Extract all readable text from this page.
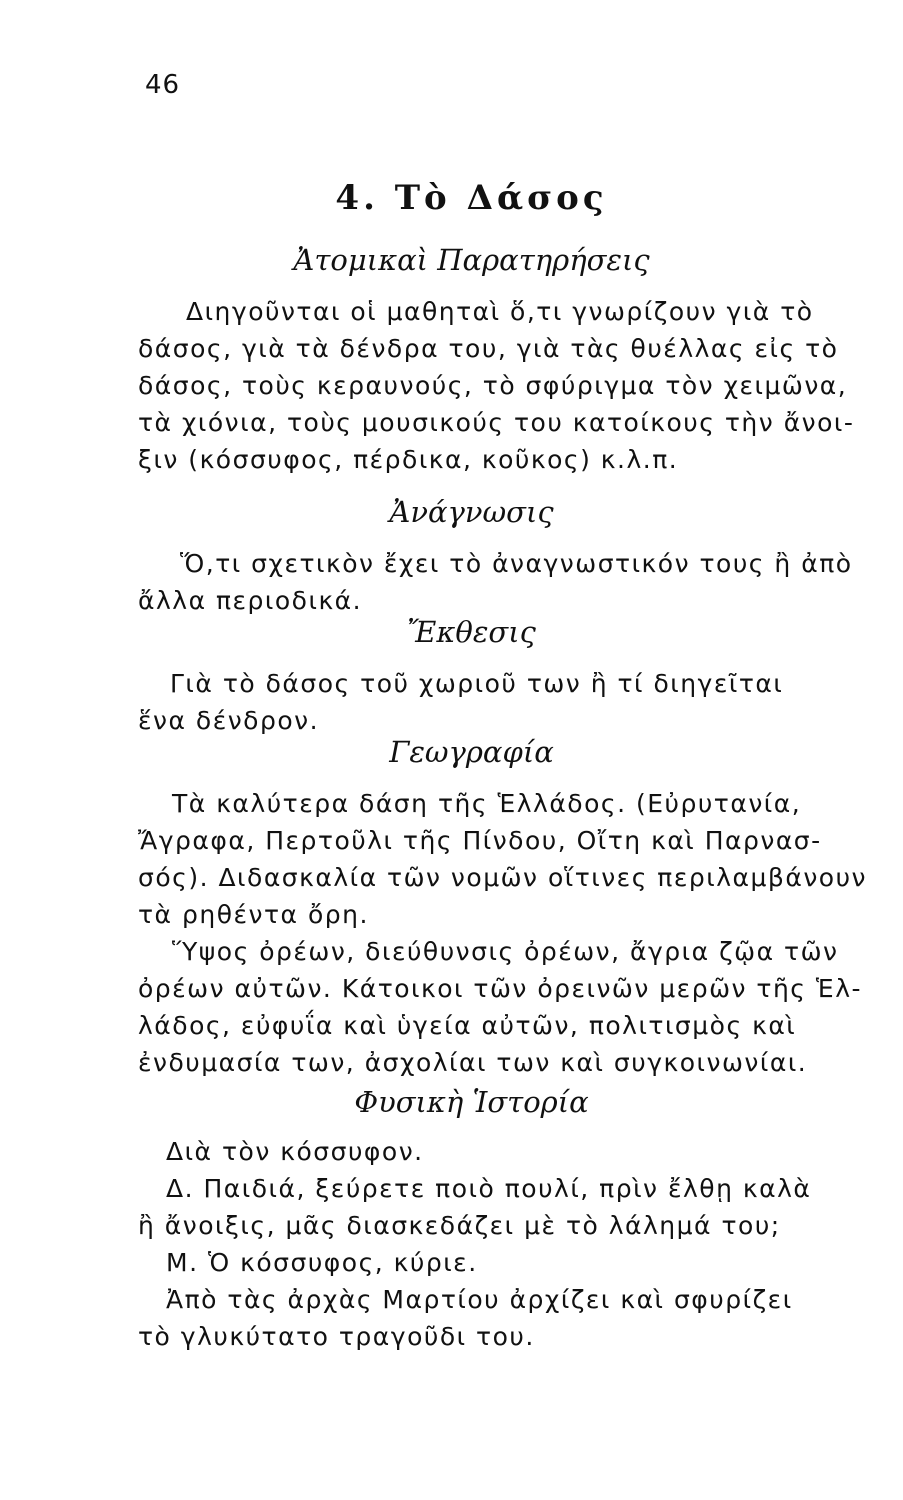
46
4. Τὸ Δάσος
Ἀτομικαὶ Παρατηρήσεις
Διηγοῦνται οἱ μαθηταὶ ὅ,τι γνωρίζουν γιὰ τὸ
δάσος, γιὰ τὰ δένδρα του, γιὰ τὰς θυέλλας εἰς τὸ
δάσος, τοὺς κεραυνούς, τὸ σφύριγμα τὸν χειμῶνα,
τὰ χιόνια, τοὺς μουσικούς του κατοίκους τὴν ἄνοι-
ξιν (κόσσυφος, πέρδικα, κοῦκος) κ.λ.π.
Ἀνάγνωσις
Ὅ,τι σχετικὸν ἔχει τὸ ἀναγνωστικόν τους ἢ ἀπὸ
ἄλλα περιοδικά.
Ἔκθεσις
Γιὰ τὸ δάσος τοῦ χωριοῦ των ἢ τί διηγεῖται
ἕνα δένδρον.
Γεωγραφία
Τὰ καλύτερα δάση τῆς Ἑλλάδος. (Εὐρυτανία,
Ἄγραφα, Περτοῦλι τῆς Πίνδου, Οἴτη καὶ Παρνασ-
σός). Διδασκαλία τῶν νομῶν οἵτινες περιλαμβάνουν
τὰ ρηθέντα ὄρη.
Ὕψος ὀρέων, διεύθυνσις ὀρέων, ἄγρια ζῷα τῶν
ὀρέων αὐτῶν. Κάτοικοι τῶν ὀρεινῶν μερῶν τῆς Ἑλ-
λάδος, εὐφυΐα καὶ ὑγεία αὐτῶν, πολιτισμὸς καὶ
ἐνδυμασία των, ἀσχολίαι των καὶ συγκοινωνίαι.
Φυσικὴ Ἱστορία
Διὰ τὸν κόσσυφον.
Δ. Παιδιά, ξεύρετε ποιὸ πουλί, πρὶν ἔλθῃ καλὰ
ἢ ἄνοιξις, μᾶς διασκεδάζει μὲ τὸ λάλημά του;
Μ. Ὁ κόσσυφος, κύριε.
Ἀπὸ τὰς ἀρχὰς Μαρτίου ἀρχίζει καὶ σφυρίζει
τὸ γλυκύτατο τραγοῦδι του.
